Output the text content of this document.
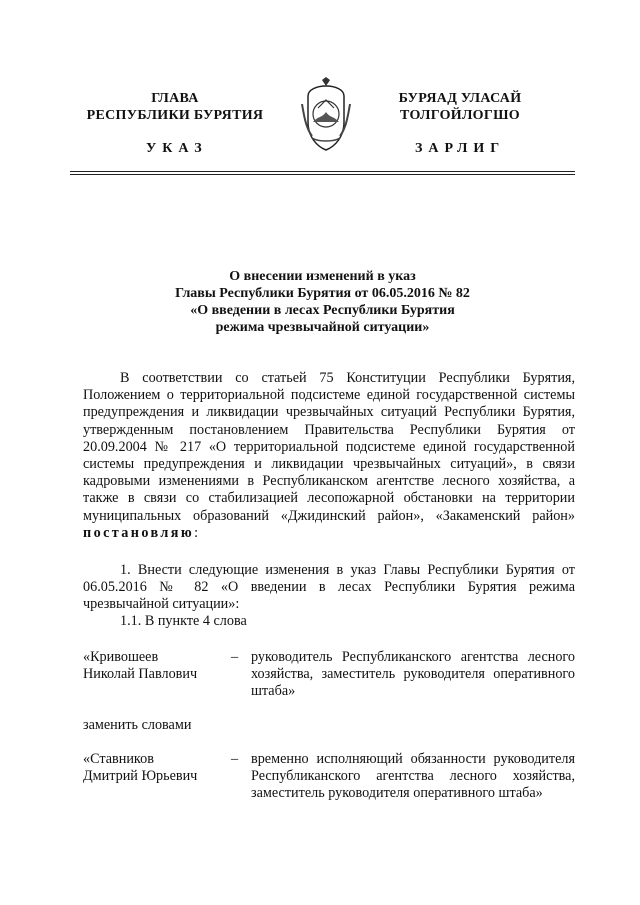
ГЛАВА
РЕСПУБЛИКИ БУРЯТИЯ
БУРЯАД УЛАСАЙ
ТОЛГОЙЛОГШО
УКАЗ	ЗАРЛИГ
О внесении изменений в указ
Главы Республики Бурятия от 06.05.2016 № 82
«О введении в лесах Республики Бурятия
режима чрезвычайной ситуации»
В соответствии со статьей 75 Конституции Республики Бурятия, Положением о территориальной подсистеме единой государственной системы предупреждения и ликвидации чрезвычайных ситуаций Республики Бурятия, утвержденным постановлением Правительства Республики Бурятия от 20.09.2004 № 217 «О территориальной подсистеме единой государственной системы предупреждения и ликвидации чрезвычайных ситуаций», в связи кадровыми изменениями в Республиканском агентстве лесного хозяйства, а также в связи со стабилизацией лесопожарной обстановки на территории муниципальных образований «Джидинский район», «Закаменский район» постановляю:
1. Внести следующие изменения в указ Главы Республики Бурятия от 06.05.2016 № 82 «О введении в лесах Республики Бурятия режима чрезвычайной ситуации»:
1.1. В пункте 4 слова
«Кривошеев
Николай Павлович
– руководитель Республиканского агентства лесного хозяйства, заместитель руководителя оперативного штаба»
заменить словами
«Ставников
Дмитрий Юрьевич
– временно исполняющий обязанности руководителя Республиканского агентства лесного хозяйства, заместитель руководителя оперативного штаба»
